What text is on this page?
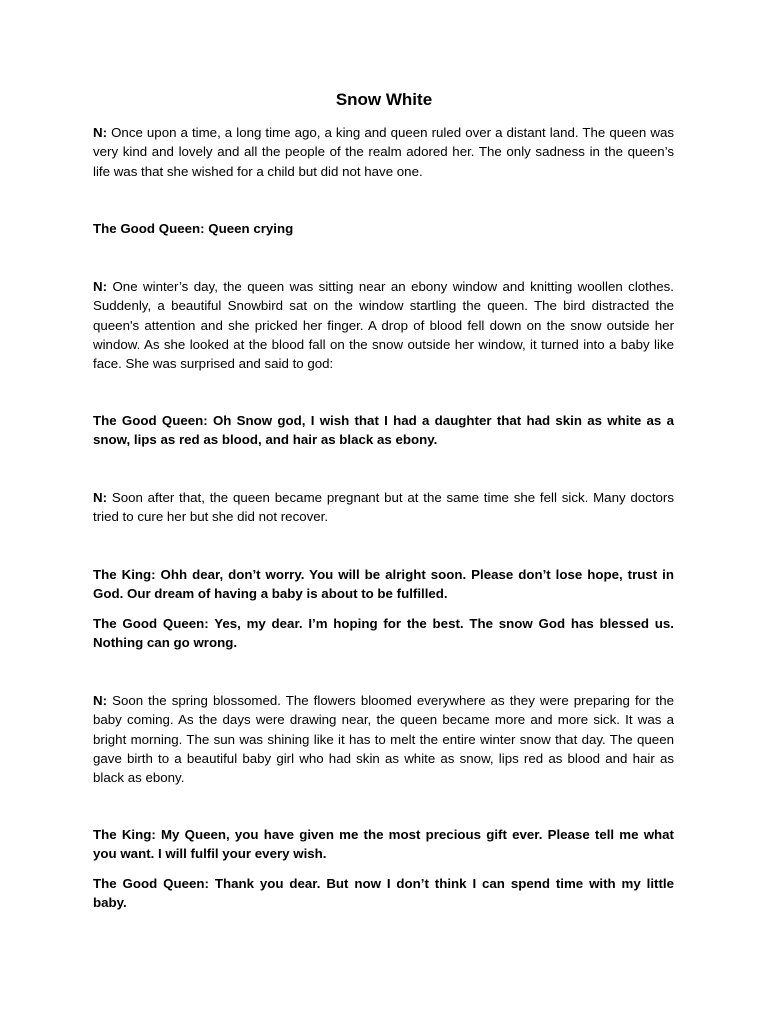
Snow White

N: Once upon a time, a long time ago, a king and queen ruled over a distant land. The queen was very kind and lovely and all the people of the realm adored her. The only sadness in the queen’s life was that she wished for a child but did not have one.

The Good Queen: Queen crying

N: One winter’s day, the queen was sitting near an ebony window and knitting woollen clothes. Suddenly, a beautiful Snowbird sat on the window startling the queen. The bird distracted the queen's attention and she pricked her finger. A drop of blood fell down on the snow outside her window. As she looked at the blood fall on the snow outside her window, it turned into a baby like face. She was surprised and said to god:

The Good Queen: Oh Snow god, I wish that I had a daughter that had skin as white as a snow, lips as red as blood, and hair as black as ebony.

N: Soon after that, the queen became pregnant but at the same time she fell sick. Many doctors tried to cure her but she did not recover.

The King: Ohh dear, don’t worry. You will be alright soon. Please don’t lose hope, trust in God. Our dream of having a baby is about to be fulfilled.

The Good Queen: Yes, my dear. I’m hoping for the best. The snow God has blessed us. Nothing can go wrong.

N: Soon the spring blossomed. The flowers bloomed everywhere as they were preparing for the baby coming. As the days were drawing near, the queen became more and more sick. It was a bright morning. The sun was shining like it has to melt the entire winter snow that day. The queen gave birth to a beautiful baby girl who had skin as white as snow, lips red as blood and hair as black as ebony.

The King: My Queen, you have given me the most precious gift ever. Please tell me what you want. I will fulfil your every wish.

The Good Queen: Thank you dear. But now I don’t think I can spend time with my little baby.
